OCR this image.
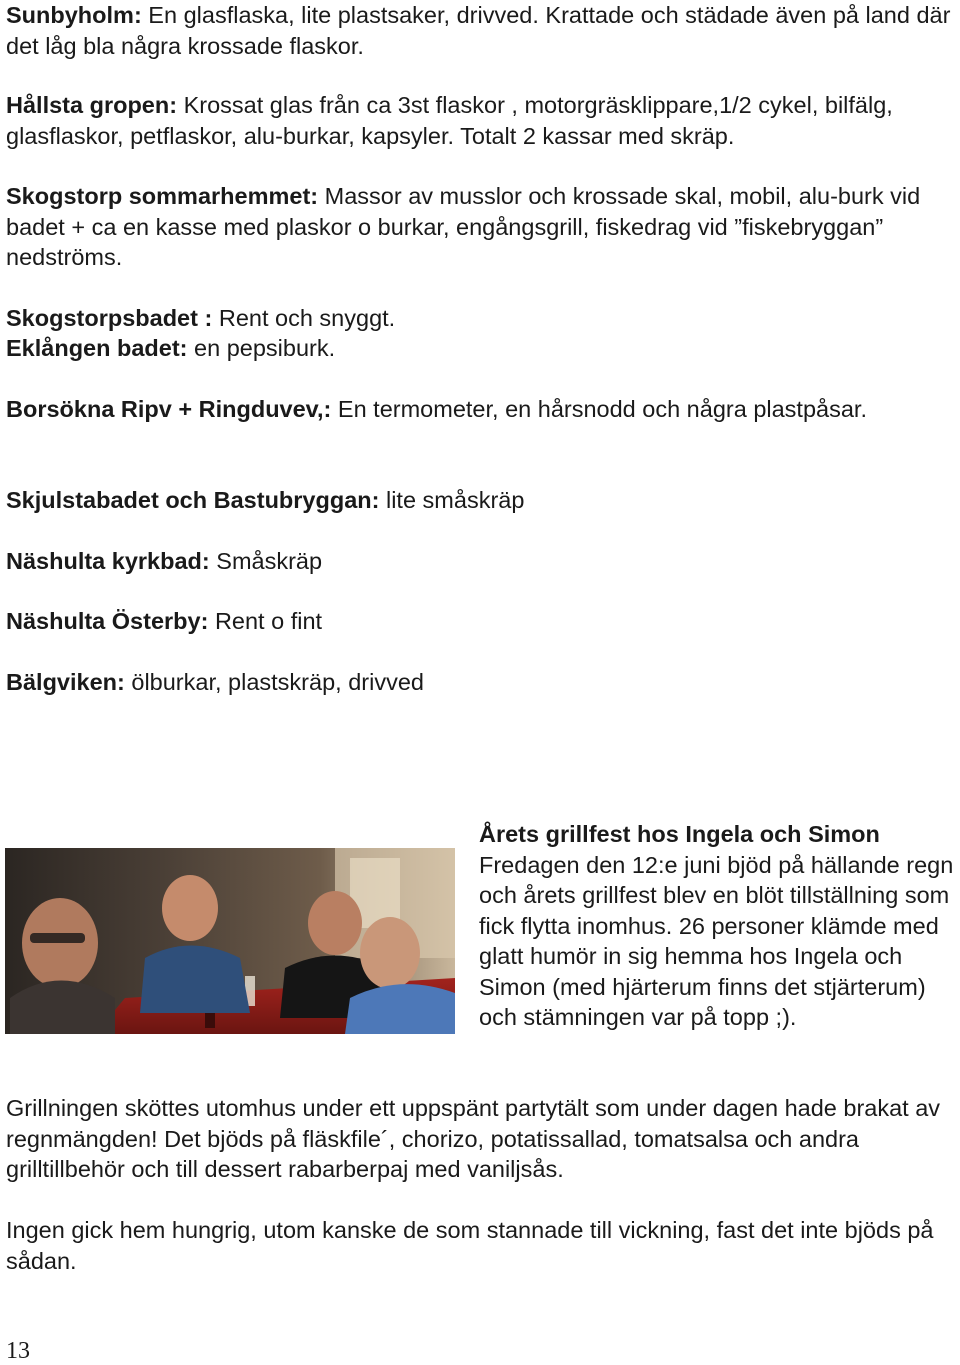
Sunbyholm: En glasflaska, lite plastsaker, drivved. Krattade och städade även på land där det låg bla några krossade flaskor.

Hållsta gropen: Krossat glas från ca 3st flaskor , motorgräsklippare,1/2 cykel, bilfälg, glasflaskor, petflaskor, alu-burkar, kapsyler. Totalt 2 kassar med skräp.

Skogstorp sommarhemmet: Massor av musslor och krossade skal, mobil, alu-burk vid badet + ca en kasse med plaskor o burkar, engångsgrill, fiskedrag vid ”fiskebryggan” nedströms.

Skogstorpsbadet : Rent och snyggt.

Eklången badet: en pepsiburk.

Borsökna Ripv + Ringduvev,: En termometer, en hårsnodd och några plastpåsar.

Skjulstabadet och Bastubryggan: lite småskräp

Näshulta kyrkbad: Småskräp

Näshulta Österby: Rent o fint

Bälgviken: ölburkar, plastskräp, drivved

Årets grillfest hos Ingela och Simon
Fredagen den 12:e juni bjöd på hällande regn och årets grillfest blev en blöt tillställning som fick flytta inomhus. 26 personer klämde med glatt humör in sig hemma hos Ingela och Simon (med hjärterum finns det stjärterum) och stämningen var på topp ;).

Grillningen sköttes utomhus under ett uppspänt partytält som under dagen hade brakat av regnmängden! Det bjöds på fläskfile´, chorizo, potatissallad, tomatsalsa och andra grilltillbehör och till dessert rabarberpaj med vaniljsås.

Ingen gick hem hungrig, utom kanske de som stannade till vickning, fast det inte bjöds på sådan.

13
